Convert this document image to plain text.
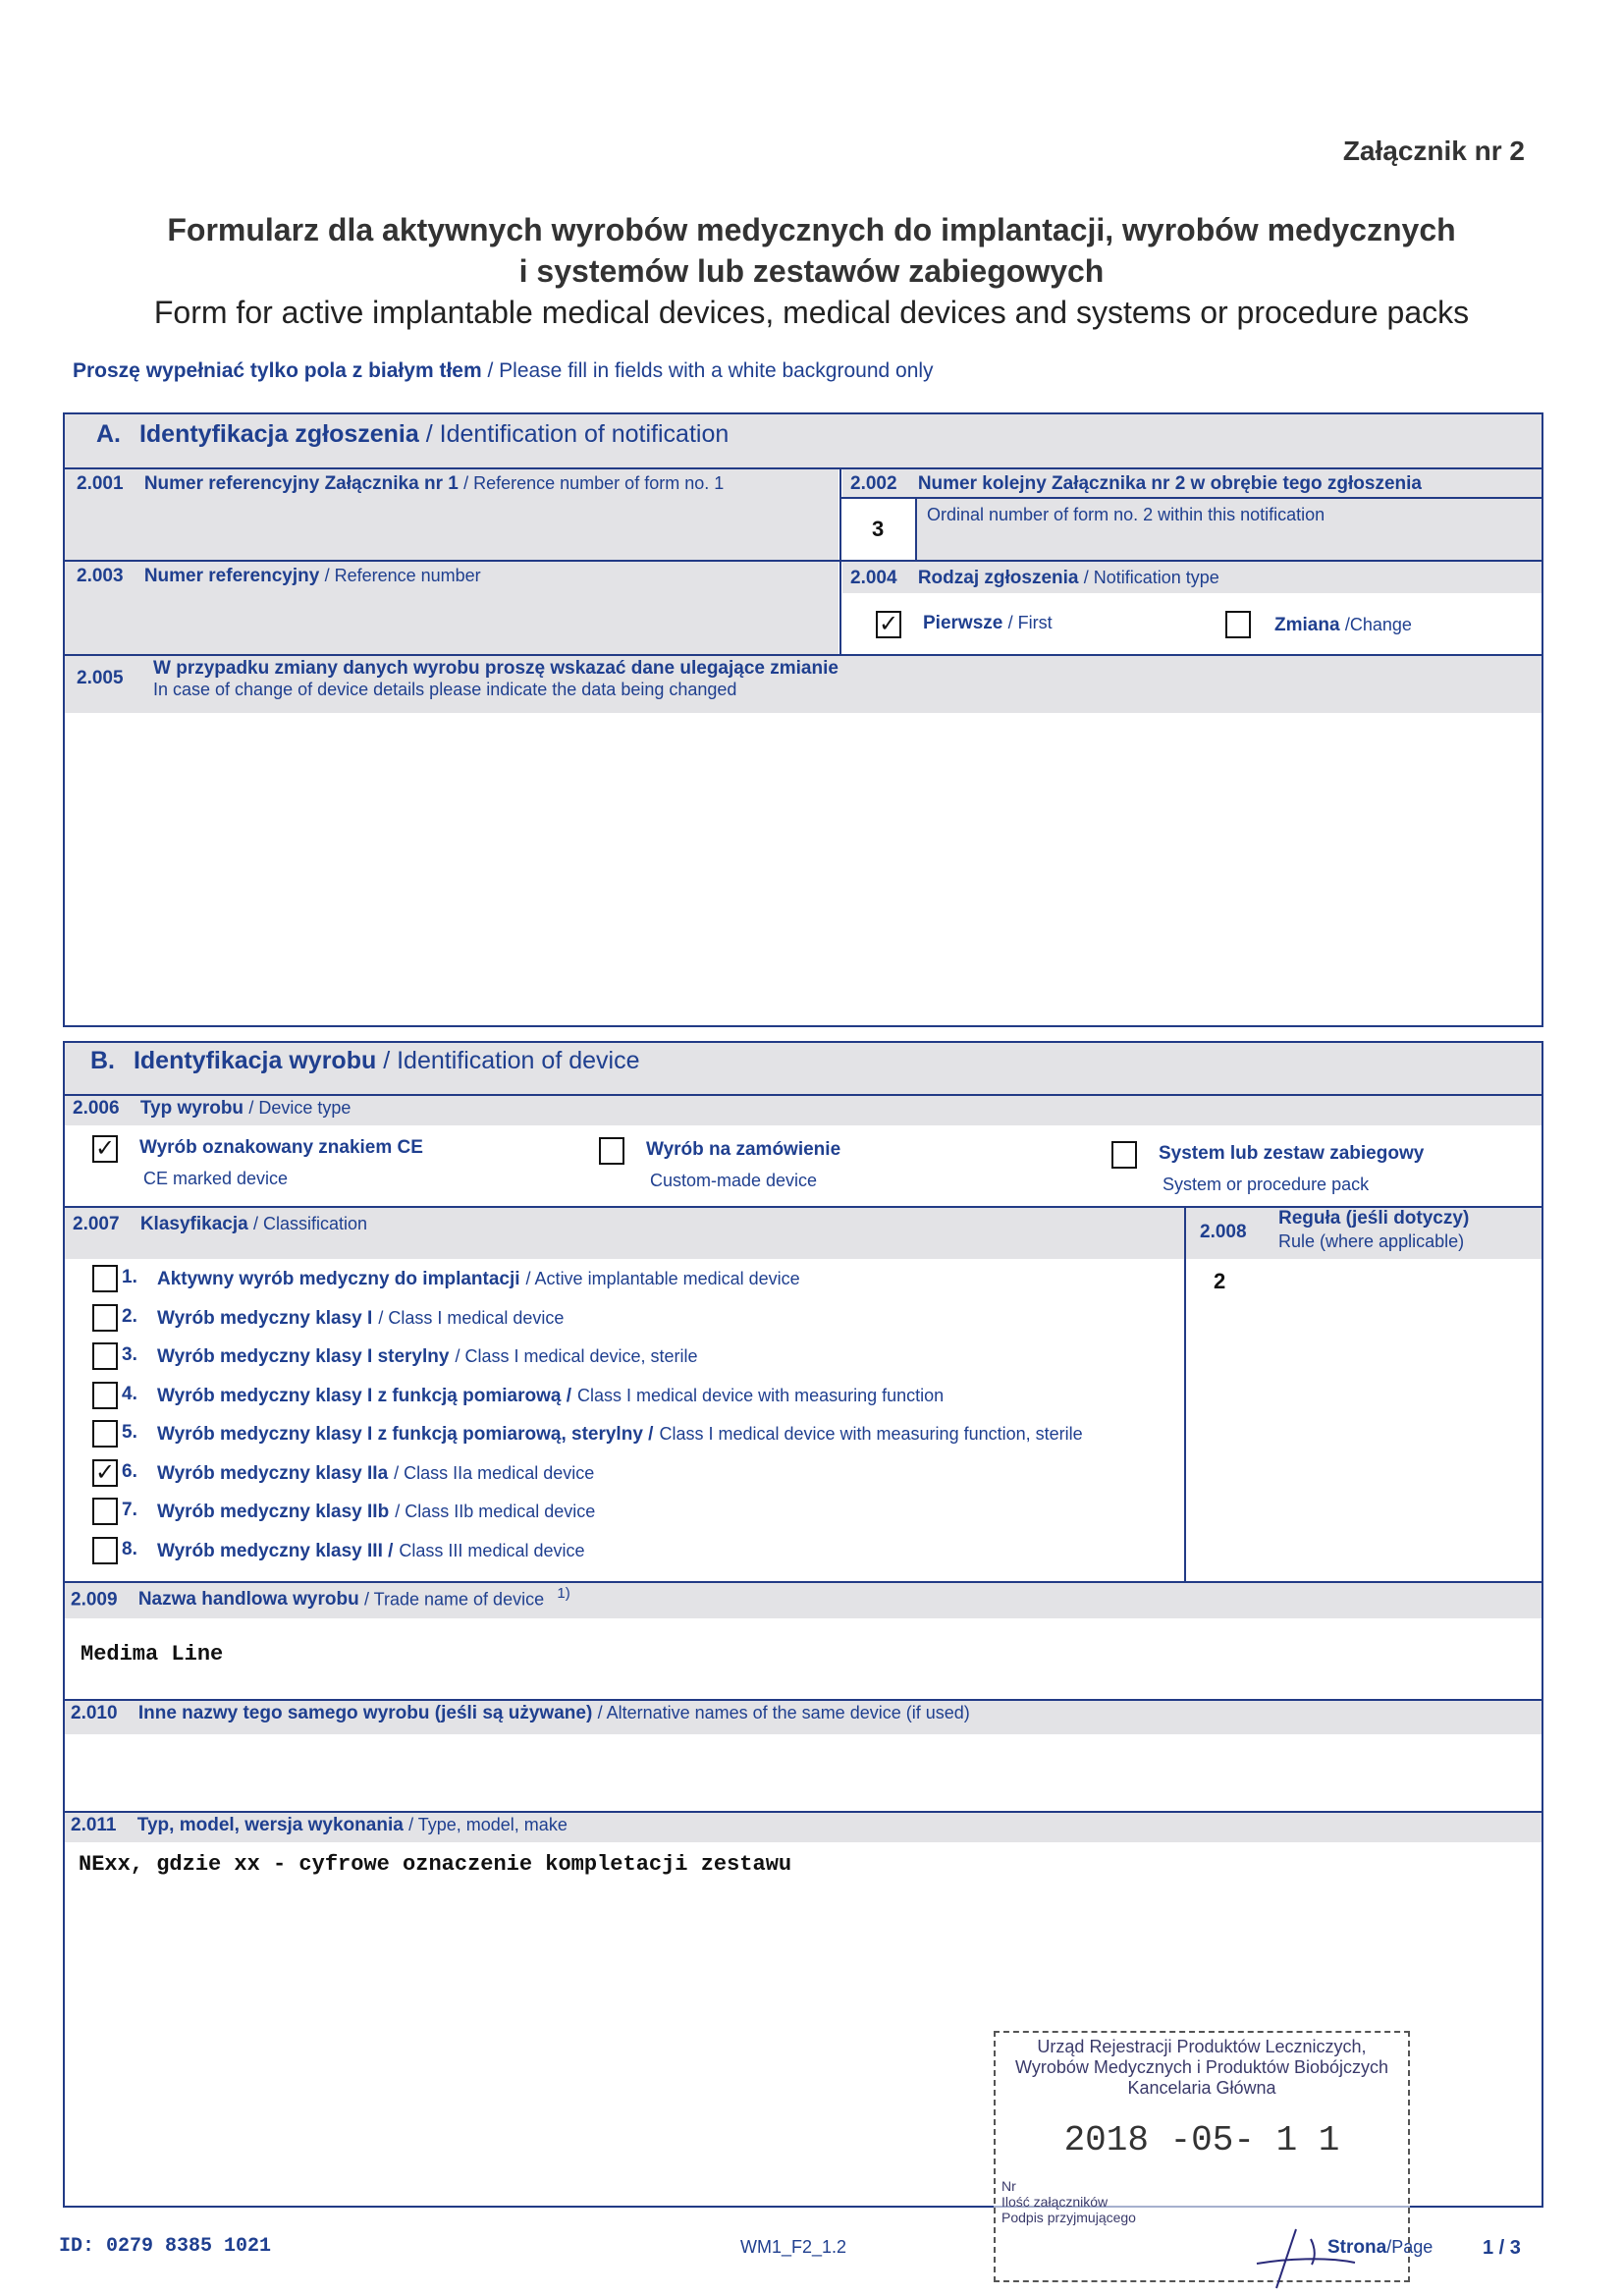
Załącznik nr 2
Formularz dla aktywnych wyrobów medycznych do implantacji, wyrobów medycznych
i systemów lub zestawów zabiegowych
Form for active implantable medical devices, medical devices and systems or procedure packs
Proszę wypełniać tylko pola z białym tłem / Please fill in fields with a white background only
A. Identyfikacja zgłoszenia / Identification of notification
2.001 Numer referencyjny Załącznika nr 1 / Reference number of form no. 1	2.002 Numer kolejny Załącznika nr 2 w obrębie tego zgłoszenia
Ordinal number of form no. 2 within this notification
3
2.003 Numer referencyjny / Reference number	2.004 Rodzaj zgłoszenia / Notification type
✓ Pierwsze / First	Zmiana /Change
2.005 W przypadku zmiany danych wyrobu proszę wskazać dane ulegające zmianie
In case of change of device details please indicate the data being changed
B. Identyfikacja wyrobu / Identification of device
2.006 Typ wyrobu / Device type
✓ Wyrób oznakowany znakiem CE
CE marked device
Wyrób na zamówienie
Custom-made device
System lub zestaw zabiegowy
System or procedure pack
2.007 Klasyfikacja / Classification	2.008
Reguła (jeśli dotyczy)
Rule (where applicable)
2
1. Aktywny wyrób medyczny do implantacji / Active implantable medical device
2. Wyrób medyczny klasy I / Class I medical device
3. Wyrób medyczny klasy I sterylny / Class I medical device, sterile
4. Wyrób medyczny klasy I z funkcją pomiarową / Class I medical device with measuring function
5. Wyrób medyczny klasy I z funkcją pomiarową, sterylny / Class I medical device with measuring function, sterile
✓ 6. Wyrób medyczny klasy IIa / Class IIa medical device
7. Wyrób medyczny klasy IIb / Class IIb medical device
8. Wyrób medyczny klasy III / Class III medical device
2.009 Nazwa handlowa wyrobu / Trade name of device $^{1)}$
Medima Line
2.010 Inne nazwy tego samego wyrobu (jeśli są używane) / Alternative names of the same device (if used)
2.011 Typ, model, wersja wykonania / Type, model, make
NExx, gdzie xx - cyfrowe oznaczenie kompletacji zestawu
Urząd Rejestracji Produktów Leczniczych,
Wyrobów Medycznych i Produktów Biobójczych
Kancelaria Główna
2018 -05- 1 1
Nr
Ilość załączników
Podpis przyjmującego
ID: 0279 8385 1021	WM1_F2_1.2	Strona/Page	1 / 3
